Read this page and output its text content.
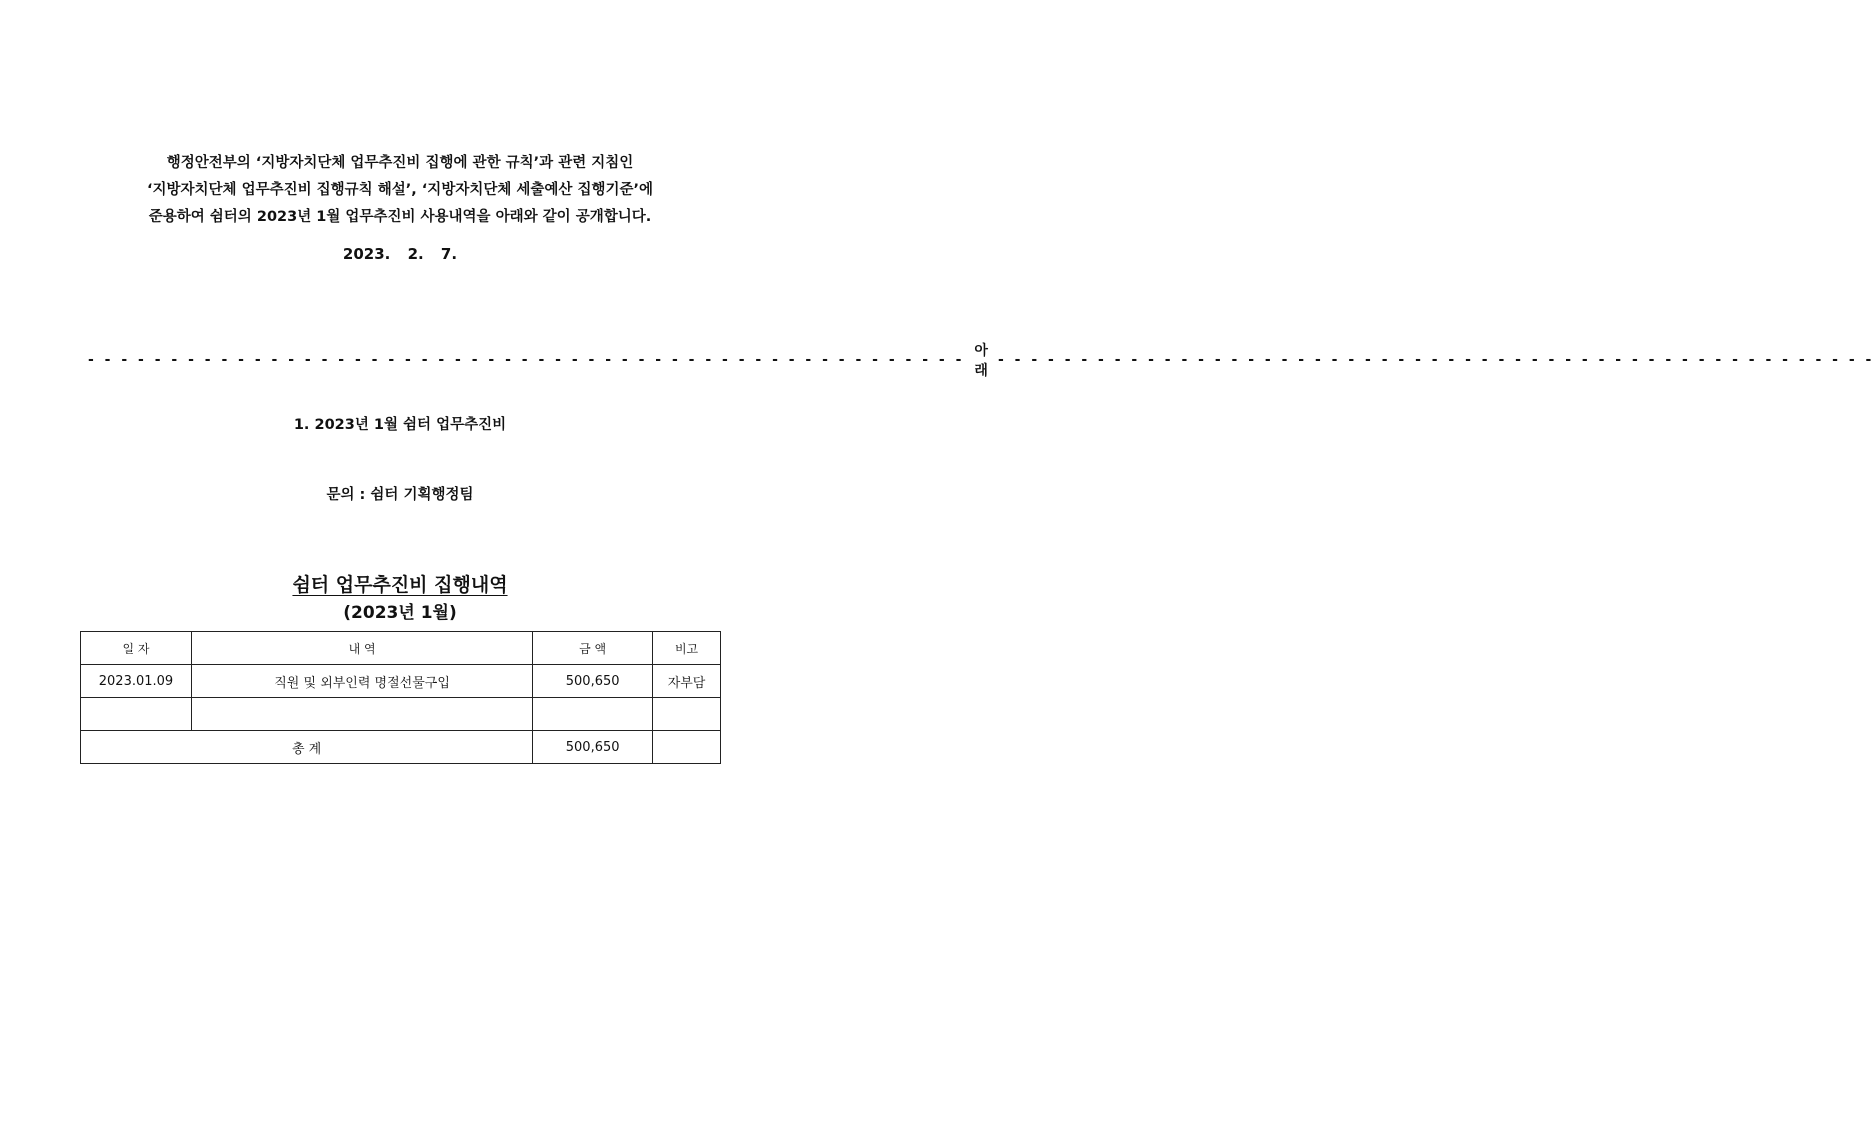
행정안전부의 ‘지방자치단체 업무추진비 집행에 관한 규칙’과 관련 지침인
‘지방자치단체 업무추진비 집행규칙 해설’, ‘지방자치단체 세출예산 집행기준’에
준용하여 쉼터의 2023년 1월 업무추진비 사용내역을 아래와 같이 공개합니다.
2023. 2. 7.
- - - - - - - - - - - - - - - - - - - - - - - - - - - - - - - - - - - - - - - - - - - - - - - - - - - - -
아 래
- - - - - - - - - - - - - - - - - - - - - - - - - - - - - - - - - - - - - - - - - - - - - - - - - - - - -
1. 2023년 1월 쉼터 업무추진비
문의 : 쉼터 기획행정팀
쉼터 업무추진비 집행내역
(2023년 1월)
일 자	내 역	금 액	비고
2023.01.09	직원 및 외부인력 명절선물구입	500,650	자부담

총 계		500,650	
